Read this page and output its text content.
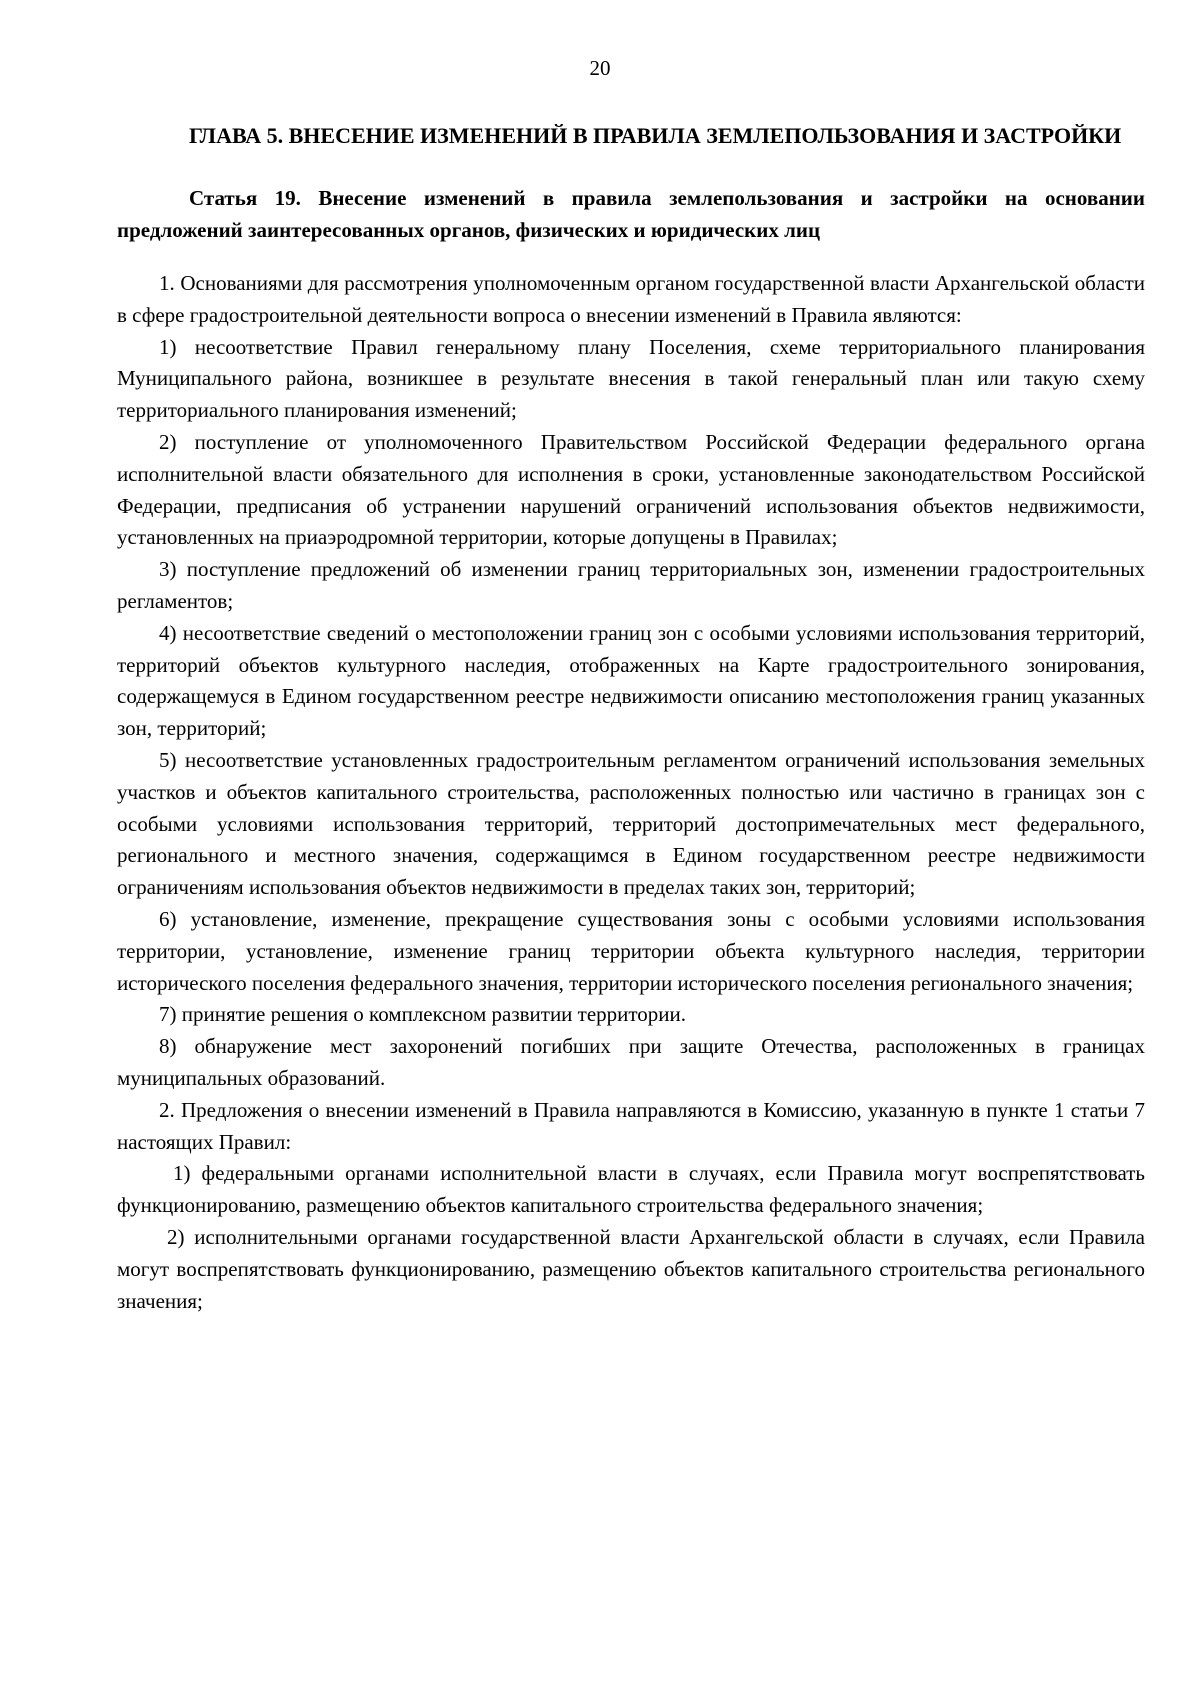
20
ГЛАВА 5. ВНЕСЕНИЕ ИЗМЕНЕНИЙ В ПРАВИЛА ЗЕМЛЕПОЛЬЗОВАНИЯ И ЗАСТРОЙКИ
Статья 19. Внесение изменений в правила землепользования и застройки на основании предложений заинтересованных органов, физических и юридических лиц

1. Основаниями для рассмотрения уполномоченным органом государственной власти Архангельской области в сфере градостроительной деятельности вопроса о внесении изменений в Правила являются:

1) несоответствие Правил генеральному плану Поселения, схеме территориального планирования Муниципального района, возникшее в результате внесения в такой генеральный план или такую схему территориального планирования изменений;

2) поступление от уполномоченного Правительством Российской Федерации федерального органа исполнительной власти обязательного для исполнения в сроки, установленные законодательством Российской Федерации, предписания об устранении нарушений ограничений использования объектов недвижимости, установленных на приаэродромной территории, которые допущены в Правилах;

3) поступление предложений об изменении границ территориальных зон, изменении градостроительных регламентов;

4) несоответствие сведений о местоположении границ зон с особыми условиями использования территорий, территорий объектов культурного наследия, отображенных на Карте градостроительного зонирования, содержащемуся в Едином государственном реестре недвижимости описанию местоположения границ указанных зон, территорий;

5) несоответствие установленных градостроительным регламентом ограничений использования земельных участков и объектов капитального строительства, расположенных полностью или частично в границах зон с особыми условиями использования территорий, территорий достопримечательных мест федерального, регионального и местного значения, содержащимся в Едином государственном реестре недвижимости ограничениям использования объектов недвижимости в пределах таких зон, территорий;

6) установление, изменение, прекращение существования зоны с особыми условиями использования территории, установление, изменение границ территории объекта культурного наследия, территории исторического поселения федерального значения, территории исторического поселения регионального значения;

7) принятие решения о комплексном развитии территории.

8) обнаружение мест захоронений погибших при защите Отечества, расположенных в границах муниципальных образований.

2. Предложения о внесении изменений в Правила направляются в Комиссию, указанную в пункте 1 статьи 7 настоящих Правил:

1) федеральными органами исполнительной власти в случаях, если Правила могут воспрепятствовать функционированию, размещению объектов капитального строительства федерального значения;

2) исполнительными органами государственной власти Архангельской области в случаях, если Правила могут воспрепятствовать функционированию, размещению объектов капитального строительства регионального значения;
